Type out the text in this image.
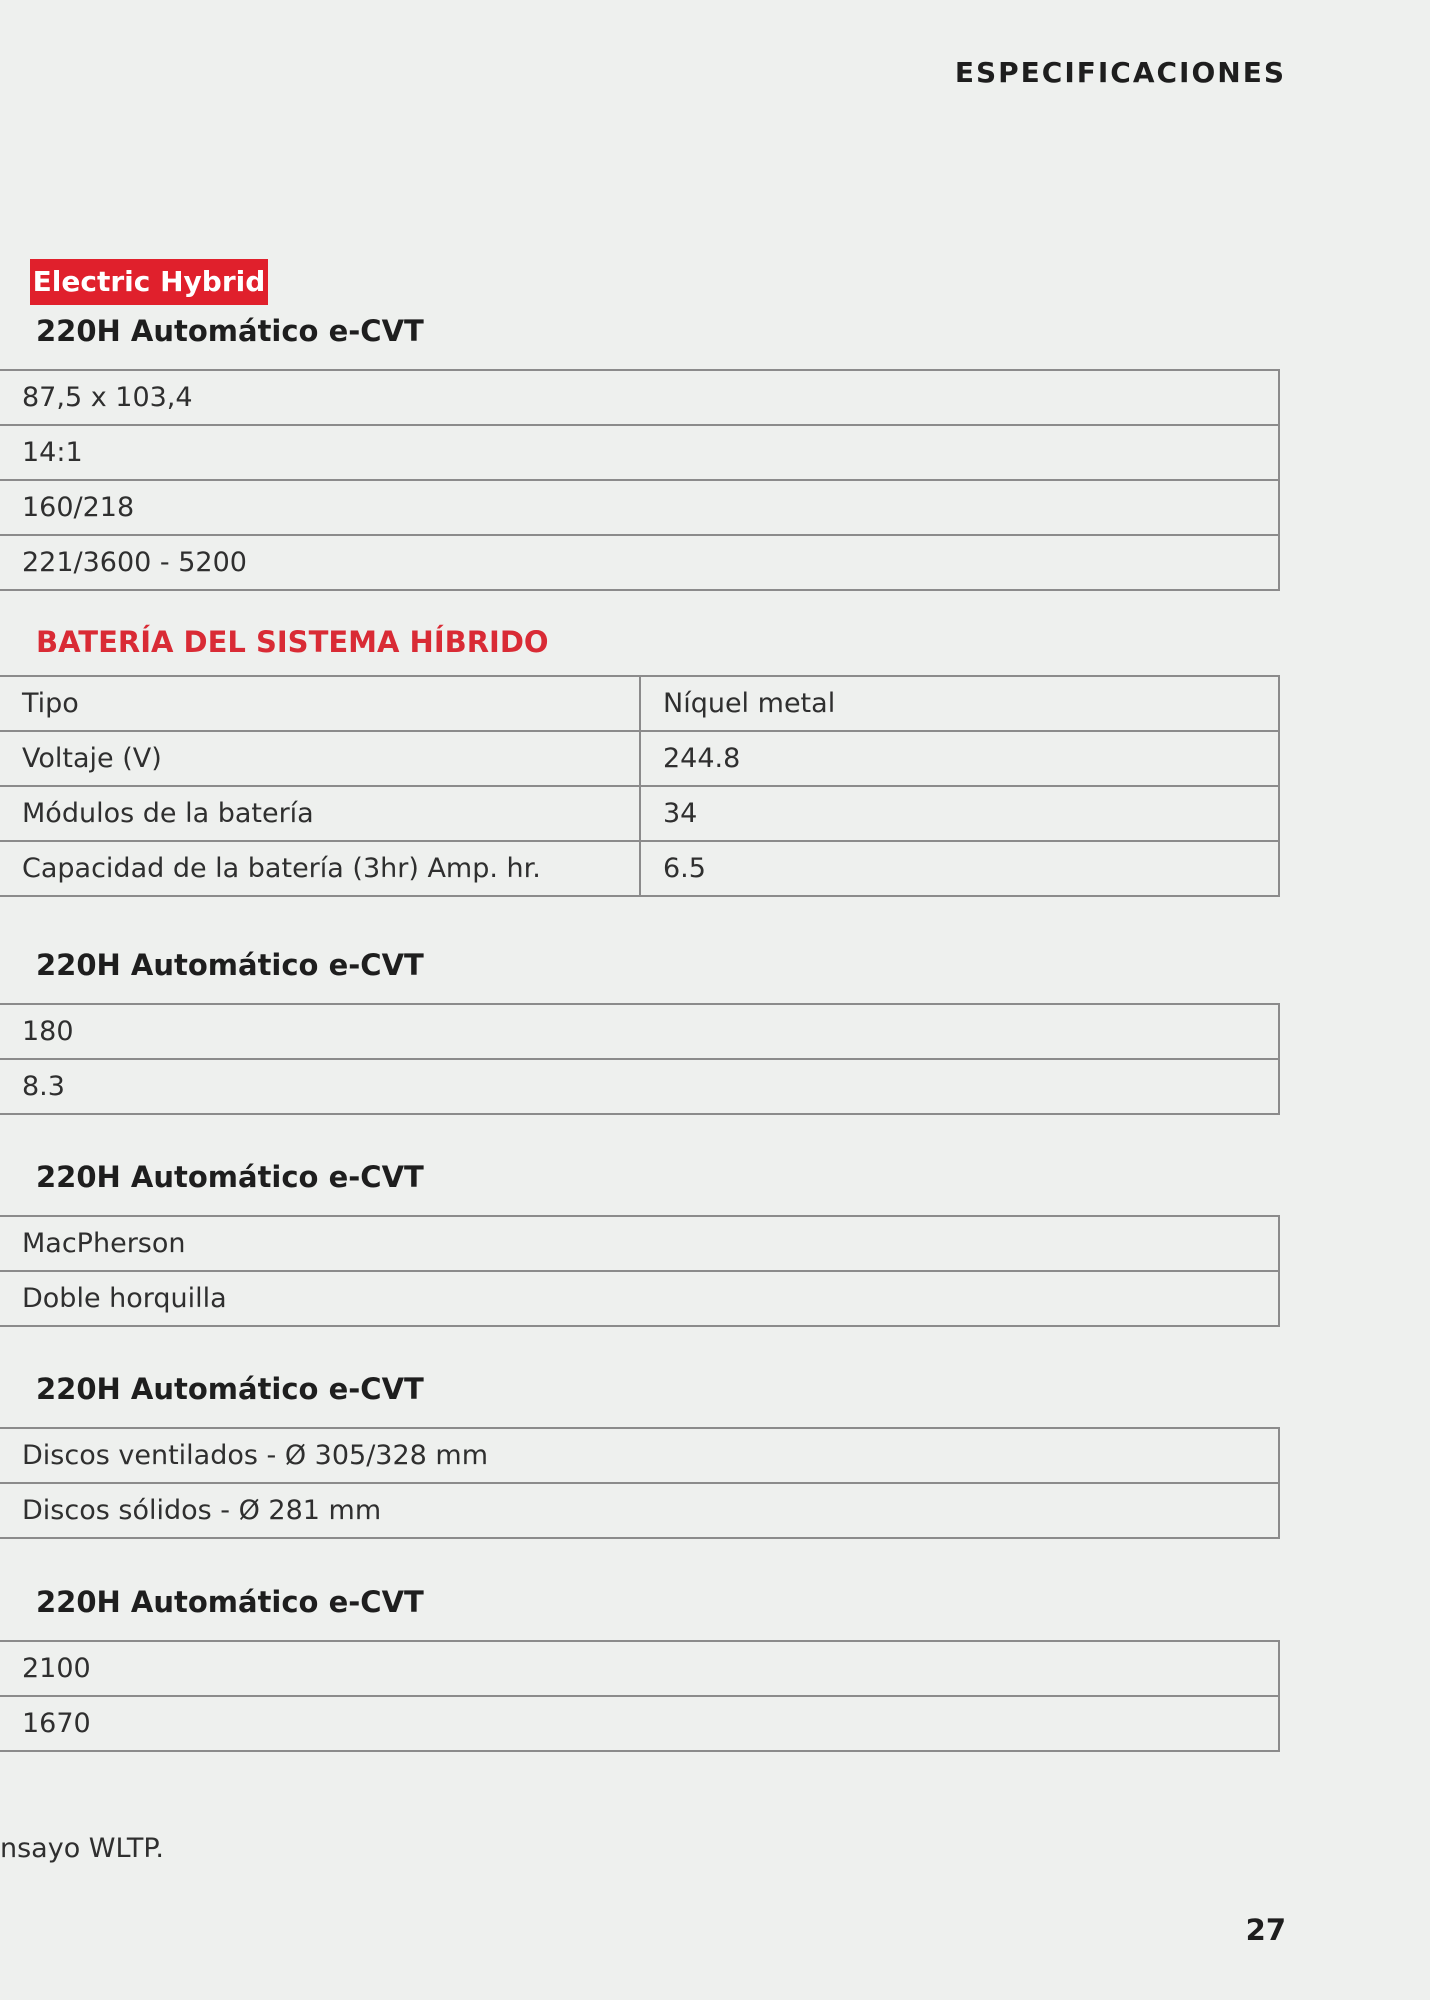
ESPECIFICACIONES
Electric Hybrid
220H Automático e-CVT
87,5 x 103,4
14:1
160/218
221/3600 - 5200
BATERÍA DEL SISTEMA HÍBRIDO
Tipo	Níquel metal
Voltaje (V)	244.8
Módulos de la batería	34
Capacidad de la batería (3hr) Amp. hr.	6.5
220H Automático e-CVT
180
8.3
220H Automático e-CVT
MacPherson
Doble horquilla
220H Automático e-CVT
Discos ventilados - Ø 305/328 mm
Discos sólidos - Ø 281 mm
220H Automático e-CVT
2100
1670
nsayo WLTP.
27
